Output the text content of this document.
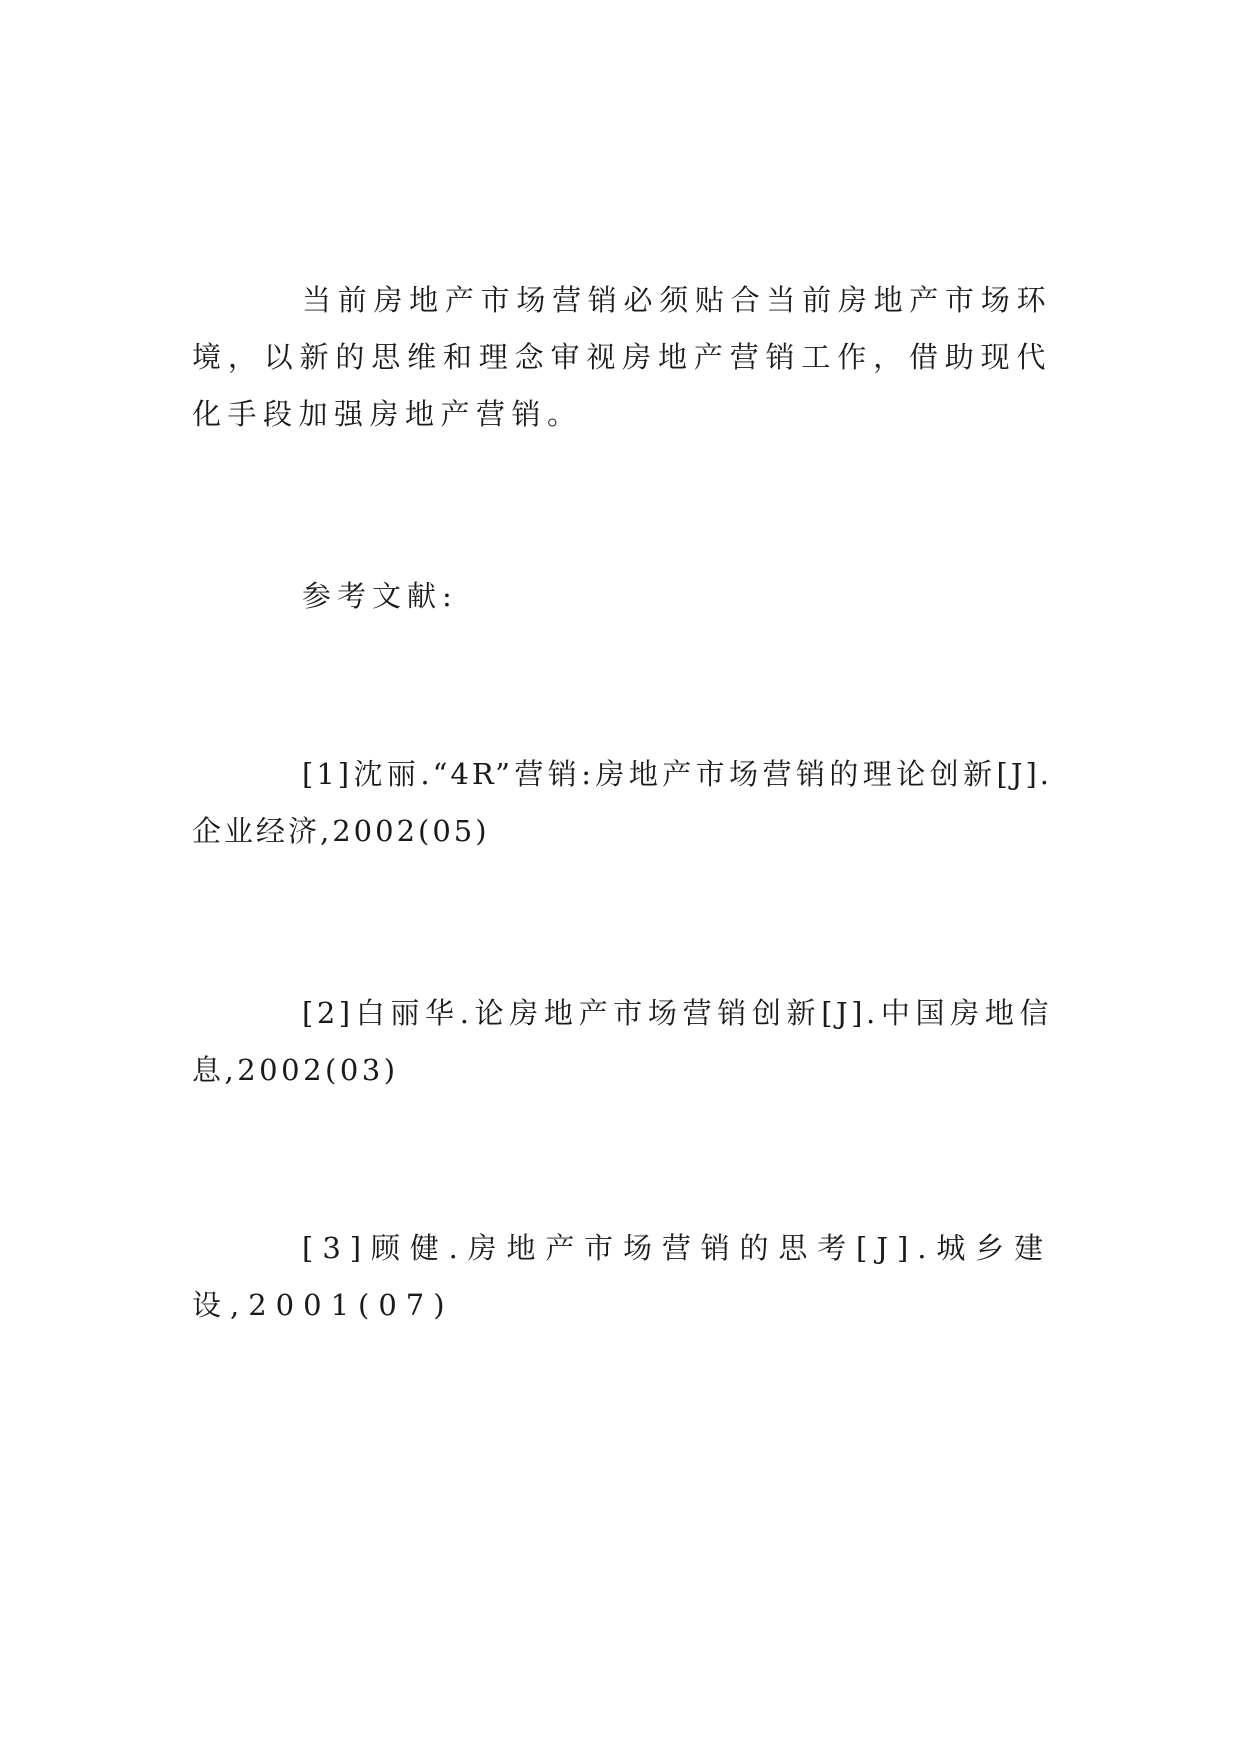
当前房地产市场营销必须贴合当前房地产市场环境，以新的思维和理念审视房地产营销工作，借助现代化手段加强房地产营销。

参考文献:

[1]沈丽.“4R”营销:房地产市场营销的理论创新[J].企业经济,2002(05)

[2]白丽华.论房地产市场营销创新[J].中国房地信息,2002(03)

[3]顾健.房地产市场营销的思考[J].城乡建设,2001(07)
